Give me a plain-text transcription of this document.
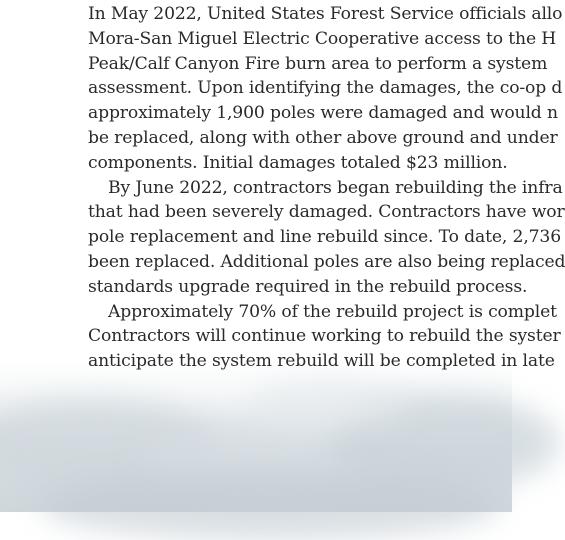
In May 2022, United States Forest Service officials allo
Mora-San Miguel Electric Cooperative access to the H
Peak/Calf Canyon Fire burn area to perform a system
assessment. Upon identifying the damages, the co-op d
approximately 1,900 poles were damaged and would n
be replaced, along with other above ground and under
components. Initial damages totaled $23 million.
By June 2022, contractors began rebuilding the infra
that had been severely damaged. Contractors have wor
pole replacement and line rebuild since. To date, 2,736
been replaced. Additional poles are also being replaced
standards upgrade required in the rebuild process.
Approximately 70% of the rebuild project is complet
Contractors will continue working to rebuild the syster
anticipate the system rebuild will be completed in late
